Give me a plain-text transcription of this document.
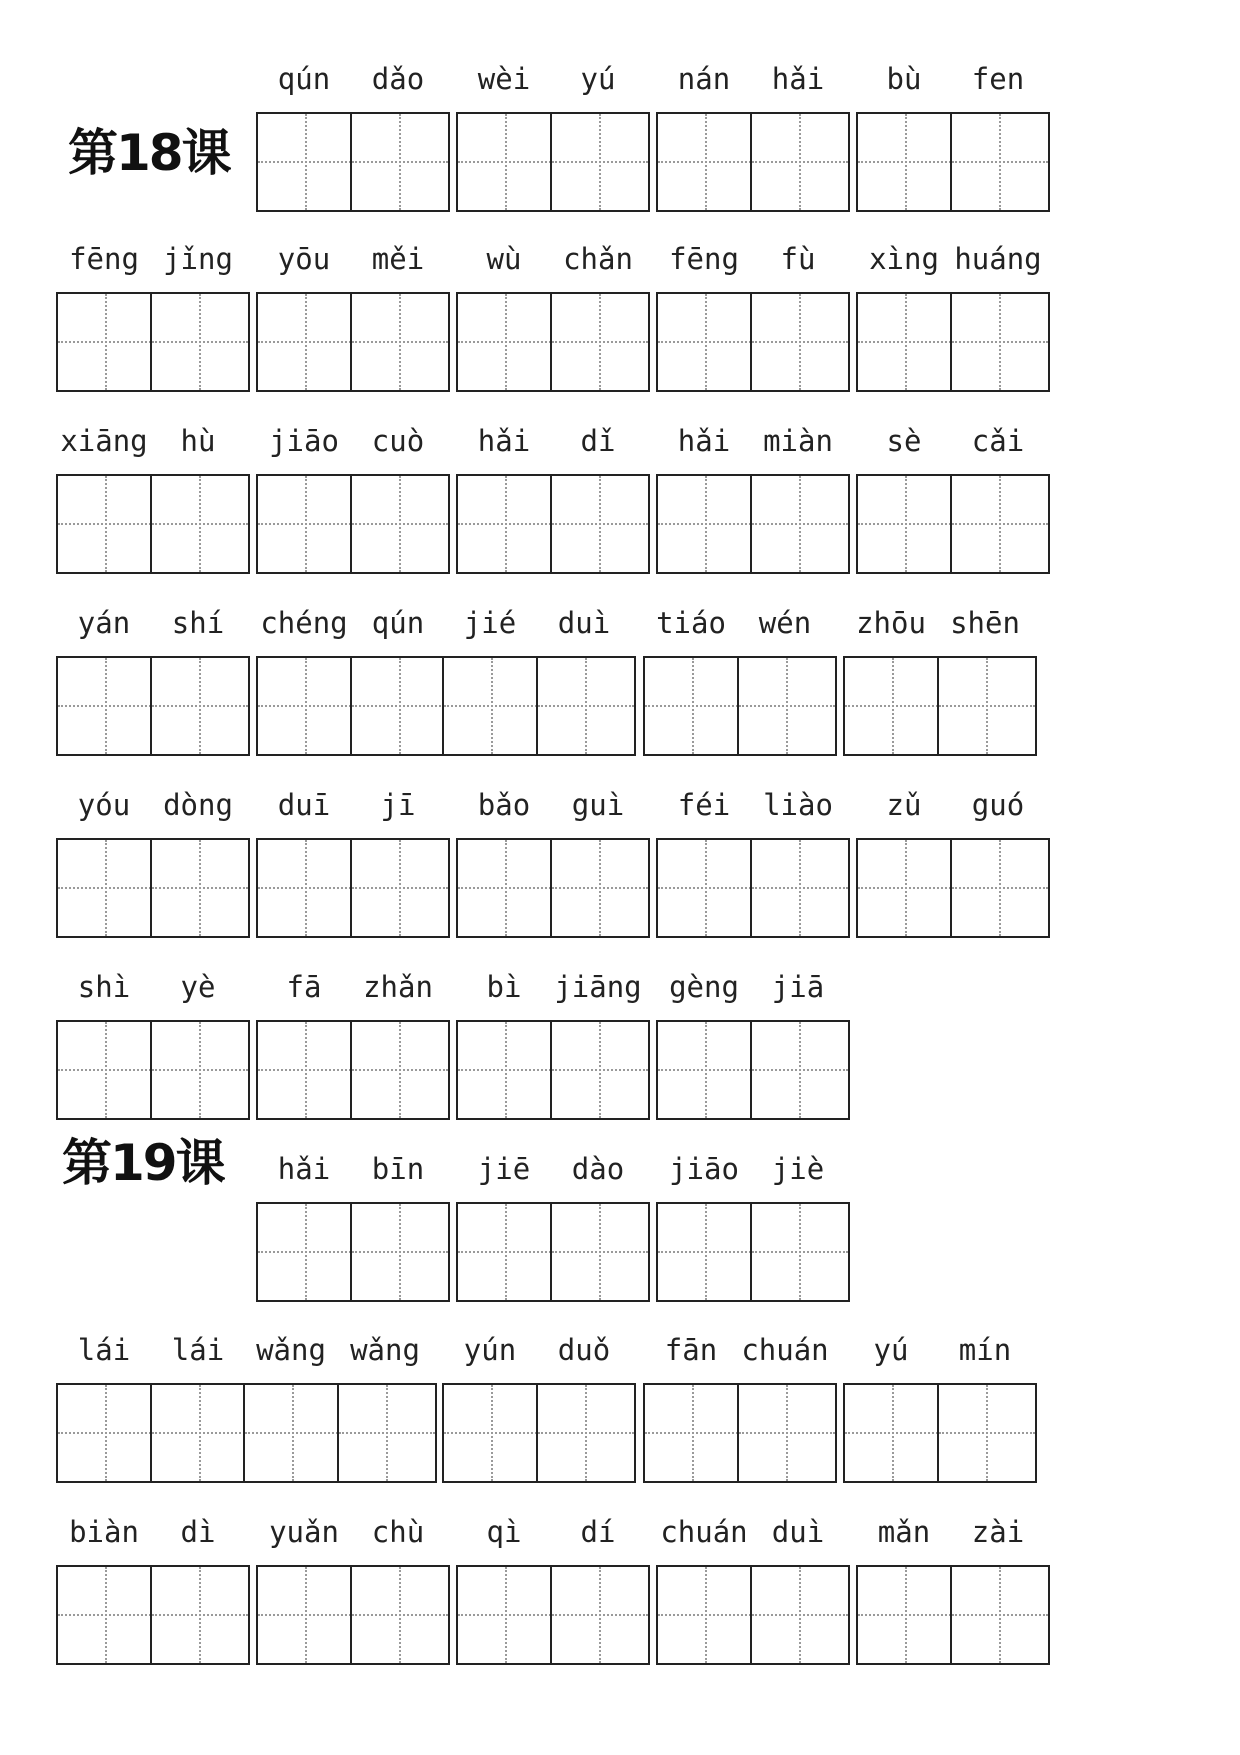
第18课
第19课
qún	dǎo	wèi	yú	nán	hǎi	bù	fen
fēng jǐng	yōu	měi	wù	chǎn	fēng	fù	xìng huáng
xiāng	hù	jiāo	cuò	hǎi	dǐ	hǎi	miàn	sè	cǎi
yán	shí	chéng qún	jié	duì	tiáo	wén	zhōu shēn
yóu	dòng	duī	jī	bǎo	guì	féi	liào	zǔ	guó
shì	yè	fā	zhǎn	bì	jiāng gèng	jiā
hǎi	bīn	jiē	dào	jiāo	jiè
lái	lái	wǎng wǎng	yún	duǒ	fān chuán	yú	mín
biàn	dì	yuǎn	chù	qì	dí	chuán duì	mǎn	zài
